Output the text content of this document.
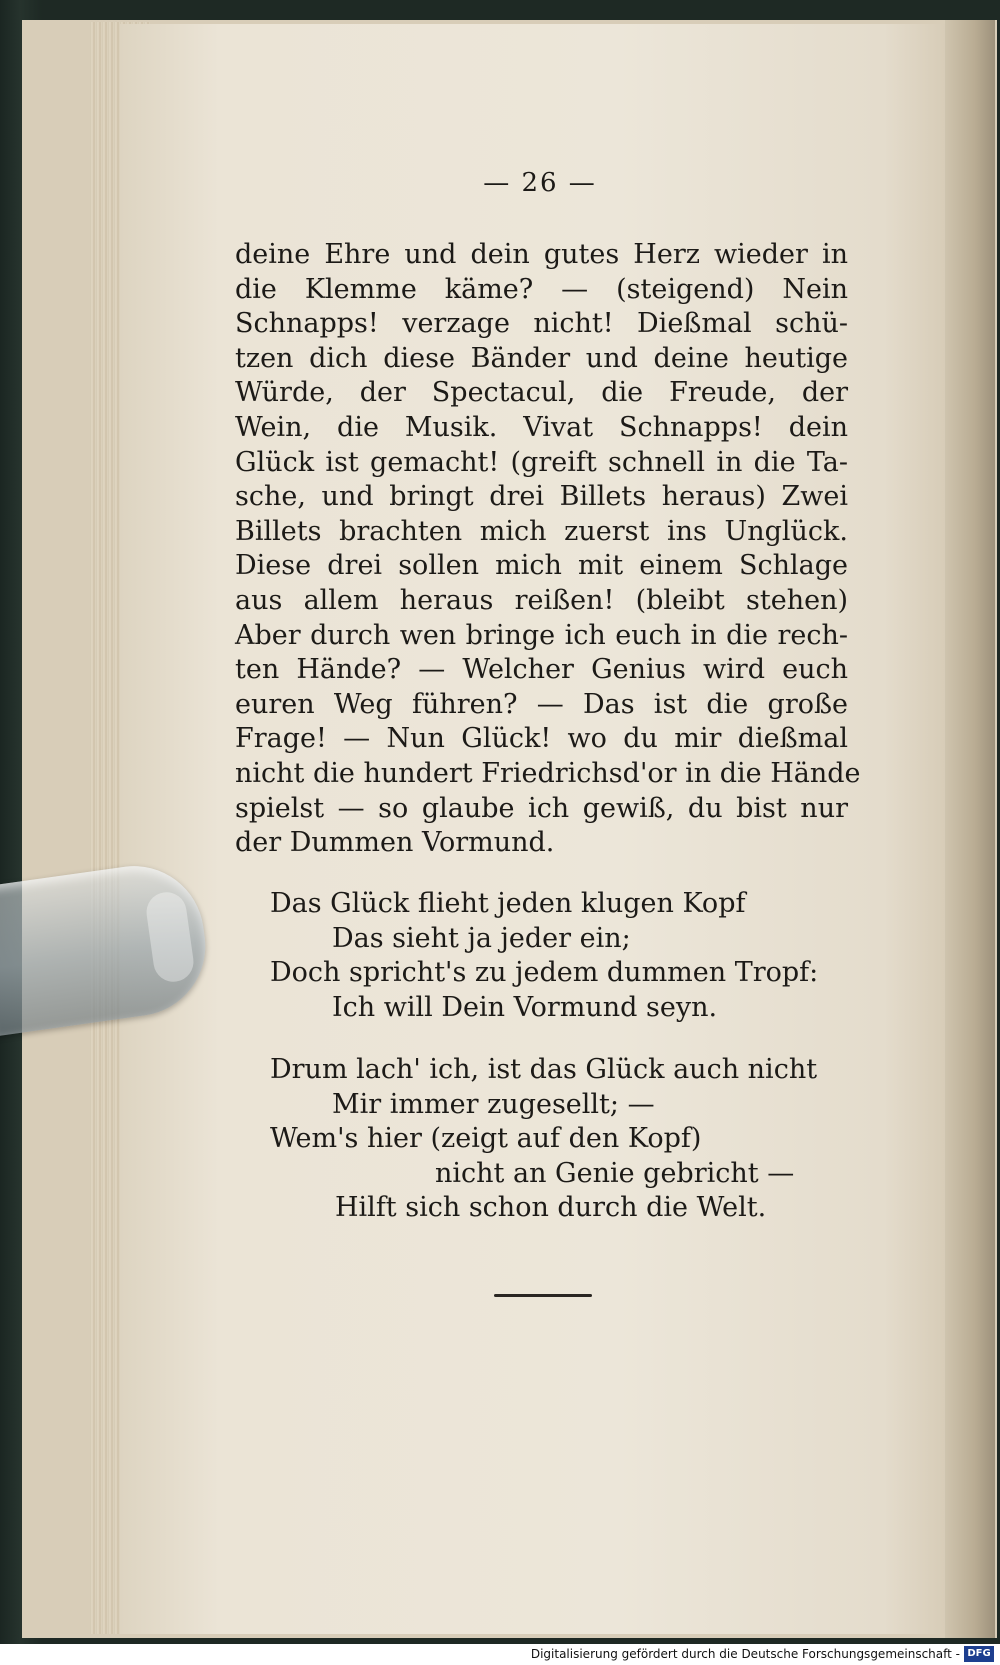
— 26 —
deine Ehre und dein gutes Herz wieder in
die Klemme käme? — (steigend) Nein
Schnapps! verzage nicht! Dießmal schü-
tzen dich diese Bänder und deine heutige
Würde, der Spectacul, die Freude, der
Wein, die Musik. Vivat Schnapps! dein
Glück ist gemacht! (greift schnell in die Ta-
sche, und bringt drei Billets heraus) Zwei
Billets brachten mich zuerst ins Unglück.
Diese drei sollen mich mit einem Schlage
aus allem heraus reißen! (bleibt stehen)
Aber durch wen bringe ich euch in die rech-
ten Hände? — Welcher Genius wird euch
euren Weg führen? — Das ist die große
Frage! — Nun Glück! wo du mir dießmal
nicht die hundert Friedrichsd'or in die Hände
spielst — so glaube ich gewiß, du bist nur
der Dummen Vormund.
Das Glück flieht jeden klugen Kopf
Das sieht ja jeder ein;
Doch spricht's zu jedem dummen Tropf:
Ich will Dein Vormund seyn.
Drum lach' ich, ist das Glück auch nicht
Mir immer zugesellt; —
Wem's hier (zeigt auf den Kopf)
nicht an Genie gebricht —
Hilft sich schon durch die Welt.
Digitalisierung gefördert durch die Deutsche Forschungsgemeinschaft - DFG
